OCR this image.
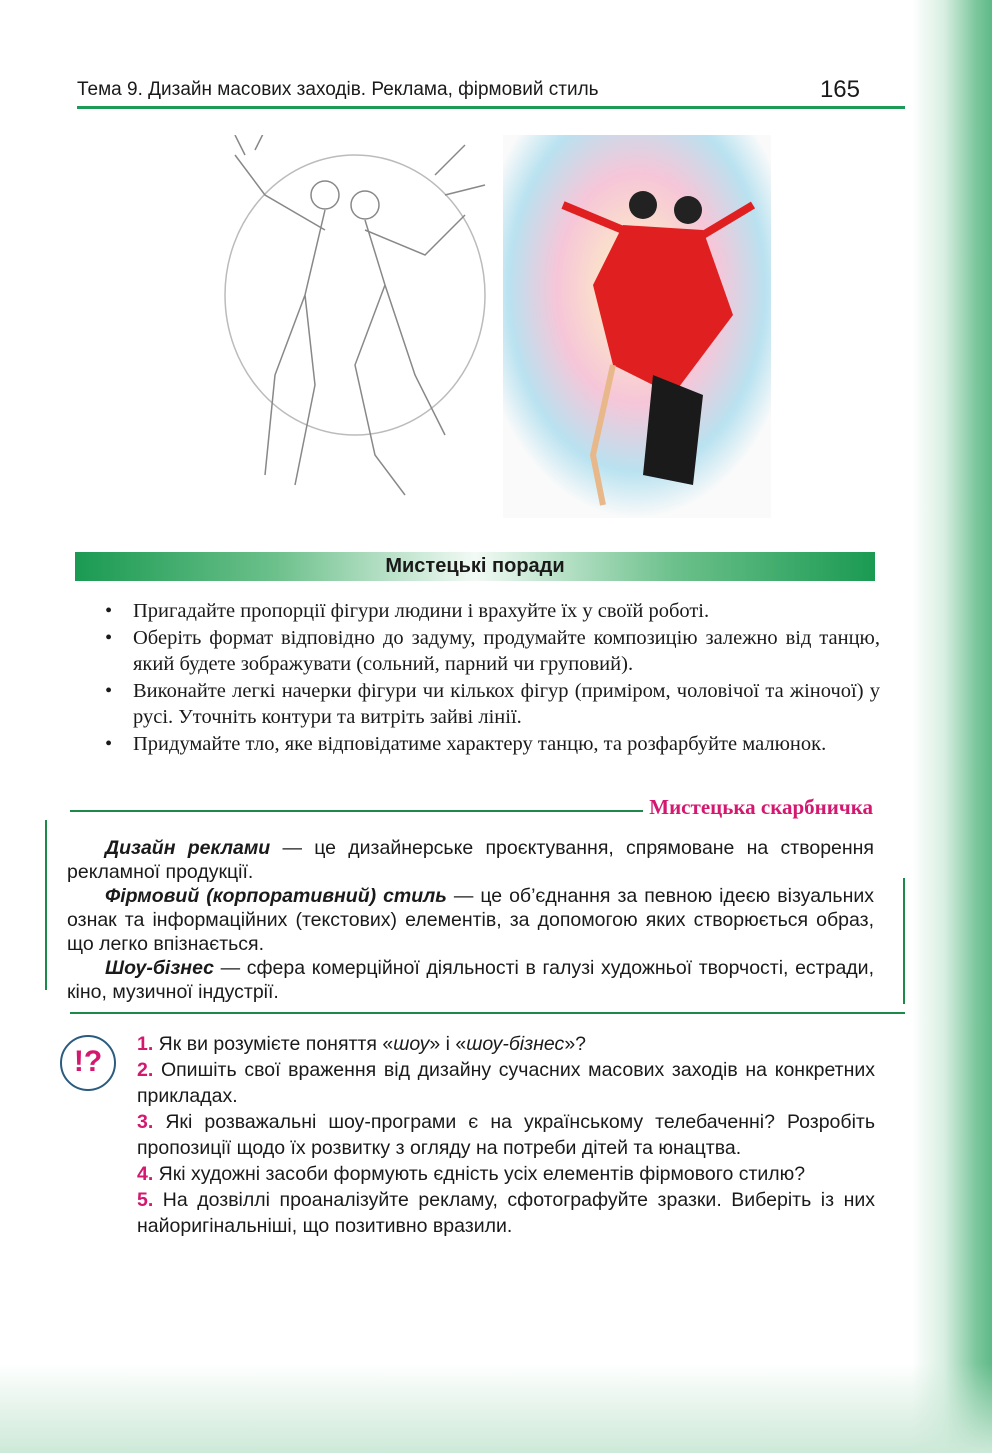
Тема 9. Дизайн масових заходів. Реклама, фірмовий стиль	165
Мистецькі поради
• Пригадайте пропорції фігури людини і врахуйте їх у своїй роботі.
• Оберіть формат відповідно до задуму, продумайте композицію залежно від танцю, який будете зображувати (сольний, парний чи груповий).
• Виконайте легкі начерки фігури чи кількох фігур (приміром, чоловічої та жіночої) у русі. Уточніть контури та витріть зайві лінії.
• Придумайте тло, яке відповідатиме характеру танцю, та розфарбуйте малюнок.
Мистецька скарбничка

Дизайн реклами — це дизайнерське проєктування, спрямоване на створення рекламної продукції.

Фірмовий (корпоративний) стиль — це об’єднання за певною ідеєю візуальних ознак та інформаційних (текстових) елементів, за допомогою яких створюється образ, що легко впізнається.

Шоу-бізнес — сфера комерційної діяльності в галузі художньої творчості, естради, кіно, музичної індустрії.

!?

1. Як ви розумієте поняття «шоу» і «шоу-бізнес»?

2. Опишіть свої враження від дизайну сучасних масових заходів на конкретних прикладах.

3. Які розважальні шоу-програми є на українському телебаченні? Розробіть пропозиції щодо їх розвитку з огляду на потреби дітей та юнацтва.

4. Які художні засоби формують єдність усіх елементів фірмового стилю?

5. На дозвіллі проаналізуйте рекламу, сфотографуйте зразки. Виберіть із них найоригінальніші, що позитивно вразили.
